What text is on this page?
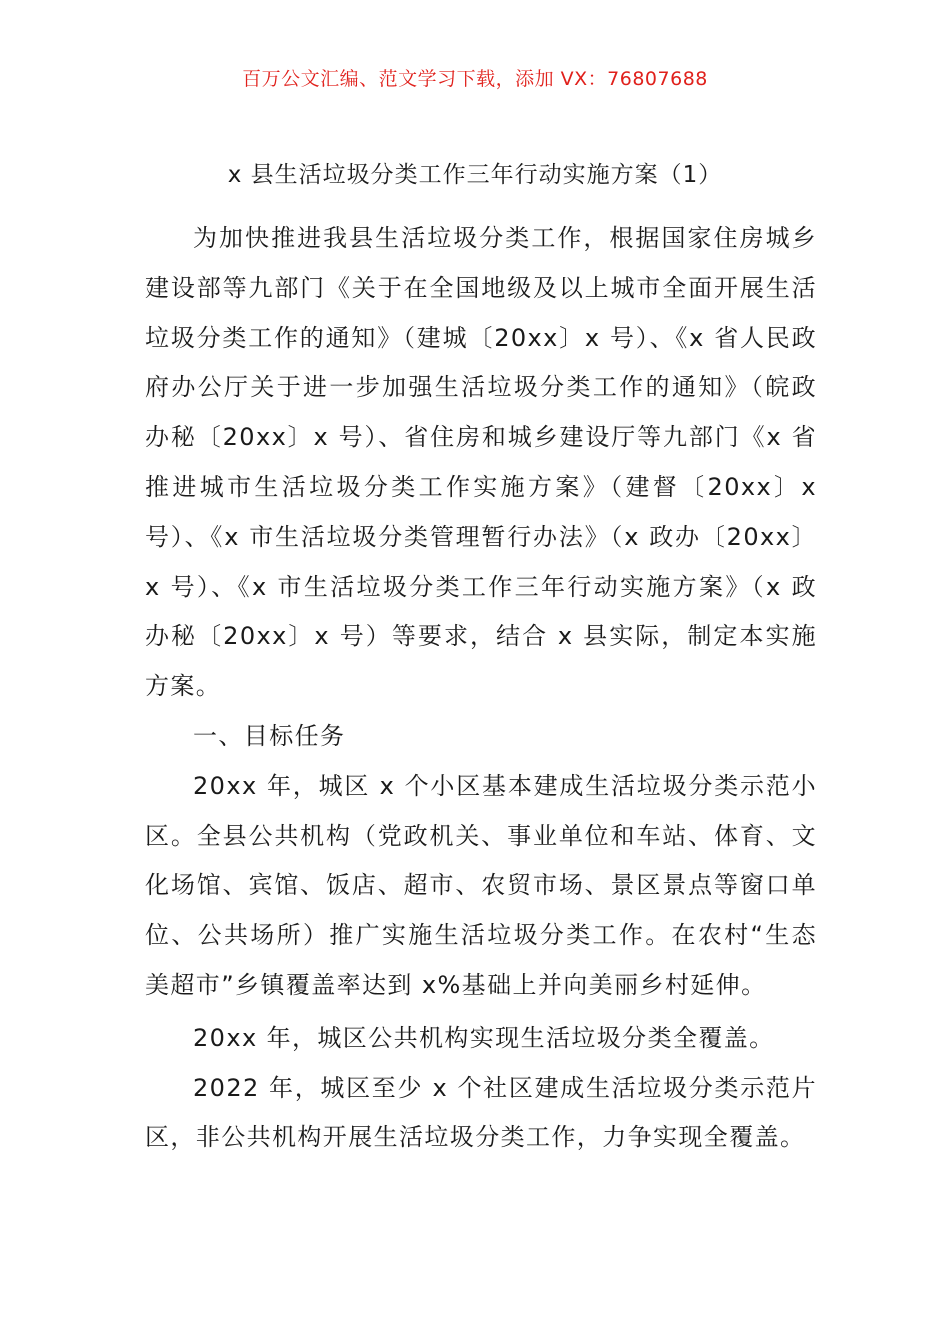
百万公文汇编、范文学习下载，添加 VX：76807688
x 县生活垃圾分类工作三年行动实施方案（1）

为加快推进我县生活垃圾分类工作，根据国家住房城乡建设部等九部门《关于在全国地级及以上城市全面开展生活垃圾分类工作的通知》（建城〔20xx〕x 号）、《x 省人民政府办公厅关于进一步加强生活垃圾分类工作的通知》（皖政办秘〔20xx〕x 号）、省住房和城乡建设厅等九部门《x 省推进城市生活垃圾分类工作实施方案》（建督〔20xx〕x 号）、《x 市生活垃圾分类管理暂行办法》（x 政办〔20xx〕x 号）、《x 市生活垃圾分类工作三年行动实施方案》（x 政办秘〔20xx〕x 号）等要求，结合 x 县实际，制定本实施方案。

一、目标任务

20xx 年，城区 x 个小区基本建成生活垃圾分类示范小区。全县公共机构（党政机关、事业单位和车站、体育、文化场馆、宾馆、饭店、超市、农贸市场、景区景点等窗口单位、公共场所）推广实施生活垃圾分类工作。在农村“生态美超市”乡镇覆盖率达到 x%基础上并向美丽乡村延伸。

20xx 年，城区公共机构实现生活垃圾分类全覆盖。

2022 年，城区至少 x 个社区建成生活垃圾分类示范片区，非公共机构开展生活垃圾分类工作，力争实现全覆盖。
